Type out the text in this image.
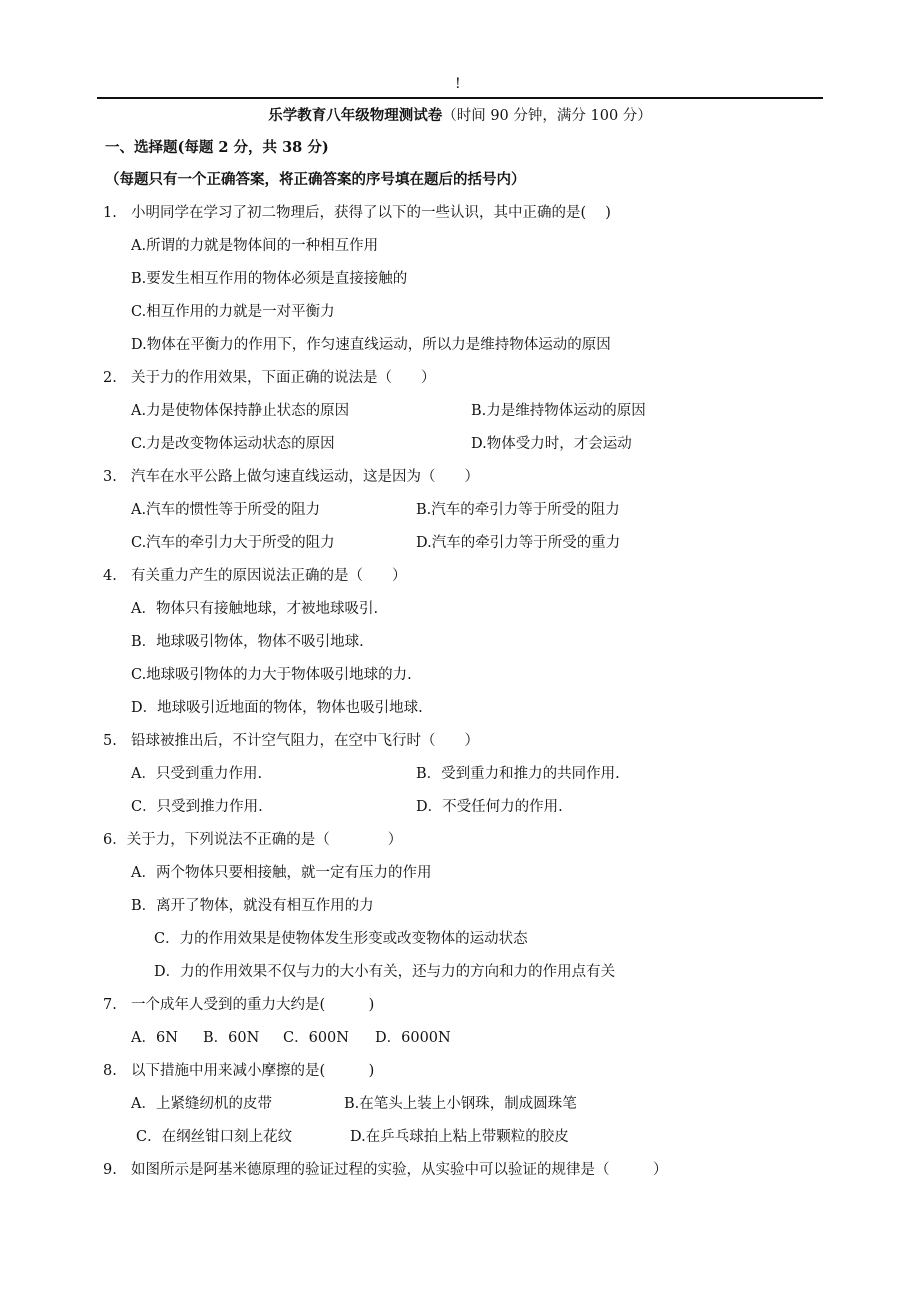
!
乐学教育八年级物理测试卷（时间 90 分钟，满分 100 分）
一、选择题(每题 2 分，共 38 分)
（每题只有一个正确答案，将正确答案的序号填在题后的括号内）
1. 小明同学在学习了初二物理后，获得了以下的一些认识，其中正确的是(　 )
A.所谓的力就是物体间的一种相互作用
B.要发生相互作用的物体必须是直接接触的
C.相互作用的力就是一对平衡力
D.物体在平衡力的作用下，作匀速直线运动，所以力是维持物体运动的原因
2. 关于力的作用效果，下面正确的说法是（　　）
A.力是使物体保持静止状态的原因	B.力是维持物体运动的原因
C.力是改变物体运动状态的原因	D.物体受力时，才会运动
3. 汽车在水平公路上做匀速直线运动，这是因为（　　）
A.汽车的惯性等于所受的阻力	B.汽车的牵引力等于所受的阻力
C.汽车的牵引力大于所受的阻力	D.汽车的牵引力等于所受的重力
4. 有关重力产生的原因说法正确的是（　　）
A．物体只有接触地球，才被地球吸引.
B．地球吸引物体，物体不吸引地球.
C.地球吸引物体的力大于物体吸引地球的力.
D．地球吸引近地面的物体，物体也吸引地球.
5. 铅球被推出后，不计空气阻力，在空中飞行时（　　）
A．只受到重力作用.	B．受到重力和推力的共同作用.
C．只受到推力作用.	D．不受任何力的作用.
6．关于力，下列说法不正确的是（　　　　）
A．两个物体只要相接触，就一定有压力的作用
B．离开了物体，就没有相互作用的力
C．力的作用效果是使物体发生形变或改变物体的运动状态
D．力的作用效果不仅与力的大小有关，还与力的方向和力的作用点有关
7. 一个成年人受到的重力大约是(　　　)
A．6N B．60N C．600N D．6000N
8. 以下措施中用来减小摩擦的是(　　　)
A．上紧缝纫机的皮带	B.在笔头上装上小钢珠，制成圆珠笔
C．在纲丝钳口刻上花纹	D.在乒乓球拍上粘上带颗粒的胶皮
9. 如图所示是阿基米德原理的验证过程的实验，从实验中可以验证的规律是（　　　）
